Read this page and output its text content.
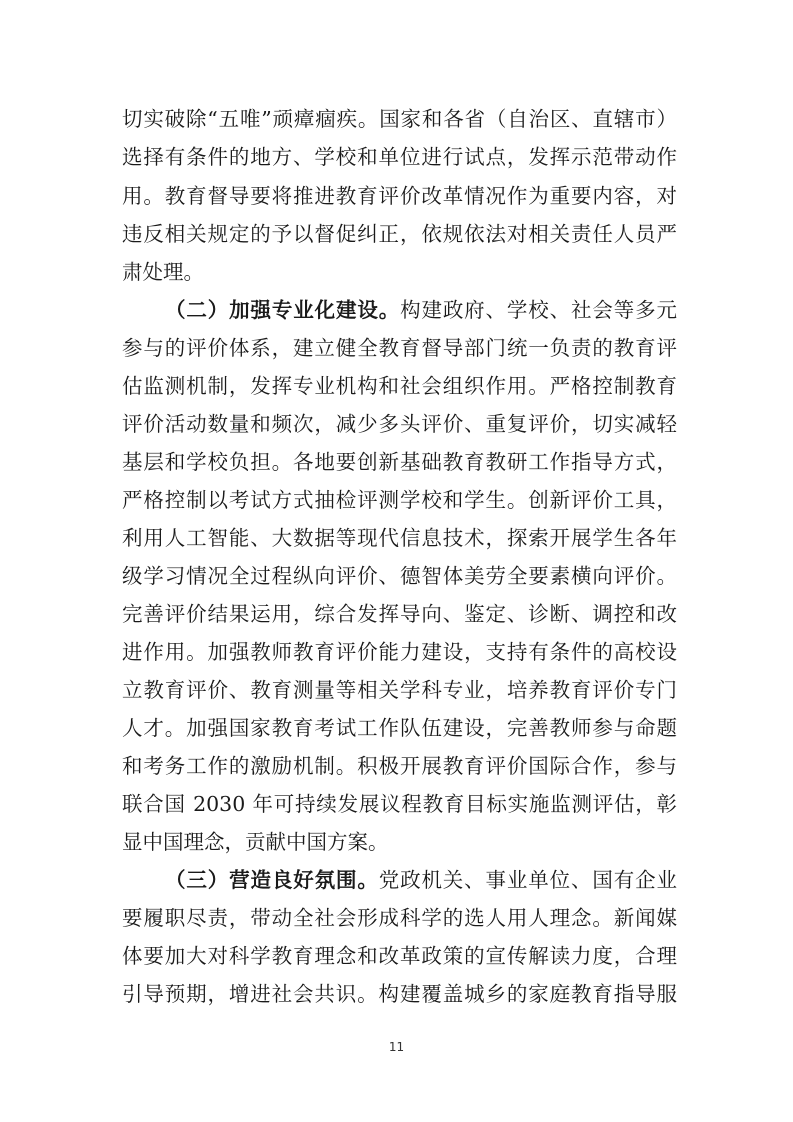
切实破除“五唯”顽瘴痼疾。国家和各省（自治区、直辖市）
选择有条件的地方、学校和单位进行试点，发挥示范带动作
用。教育督导要将推进教育评价改革情况作为重要内容，对
违反相关规定的予以督促纠正，依规依法对相关责任人员严
肃处理。
（二）加强专业化建设。构建政府、学校、社会等多元
参与的评价体系，建立健全教育督导部门统一负责的教育评
估监测机制，发挥专业机构和社会组织作用。严格控制教育
评价活动数量和频次，减少多头评价、重复评价，切实减轻
基层和学校负担。各地要创新基础教育教研工作指导方式，
严格控制以考试方式抽检评测学校和学生。创新评价工具，
利用人工智能、大数据等现代信息技术，探索开展学生各年
级学习情况全过程纵向评价、德智体美劳全要素横向评价。
完善评价结果运用，综合发挥导向、鉴定、诊断、调控和改
进作用。加强教师教育评价能力建设，支持有条件的高校设
立教育评价、教育测量等相关学科专业，培养教育评价专门
人才。加强国家教育考试工作队伍建设，完善教师参与命题
和考务工作的激励机制。积极开展教育评价国际合作，参与
联合国 2030 年可持续发展议程教育目标实施监测评估，彰
显中国理念，贡献中国方案。
（三）营造良好氛围。党政机关、事业单位、国有企业
要履职尽责，带动全社会形成科学的选人用人理念。新闻媒
体要加大对科学教育理念和改革政策的宣传解读力度，合理
引导预期，增进社会共识。构建覆盖城乡的家庭教育指导服
11
